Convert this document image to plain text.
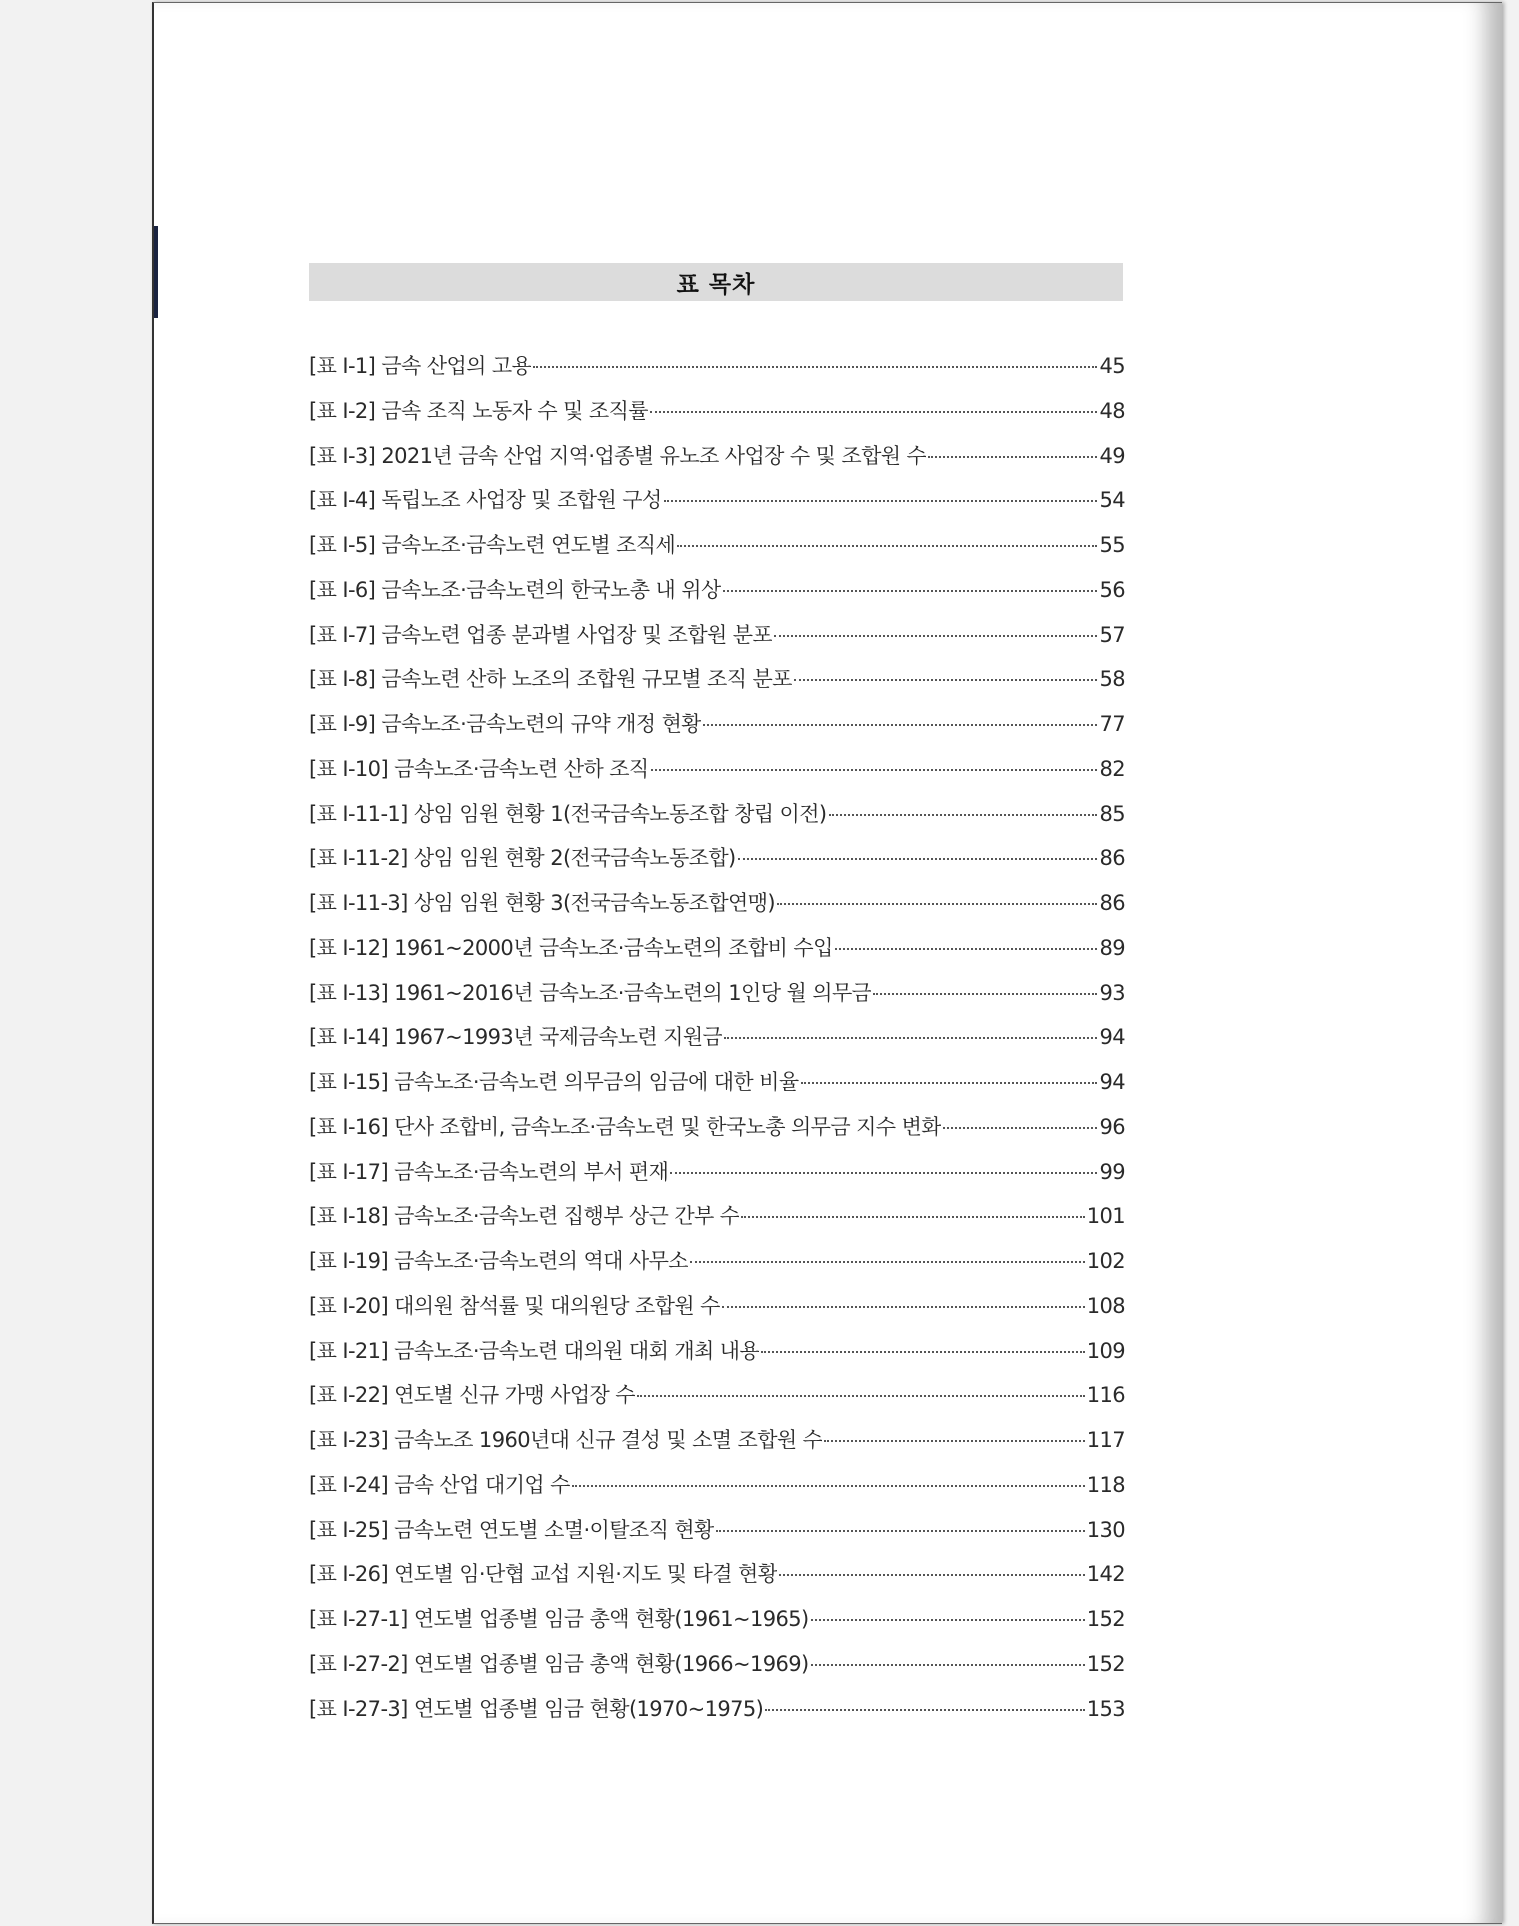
표 목차
[표 Ⅰ-1] 금속 산업의 고용	45
[표 Ⅰ-2] 금속 조직 노동자 수 및 조직률	48
[표 Ⅰ-3] 2021년 금속 산업 지역·업종별 유노조 사업장 수 및 조합원 수	49
[표 Ⅰ-4] 독립노조 사업장 및 조합원 구성	54
[표 Ⅰ-5] 금속노조·금속노련 연도별 조직세	55
[표 Ⅰ-6] 금속노조·금속노련의 한국노총 내 위상	56
[표 Ⅰ-7] 금속노련 업종 분과별 사업장 및 조합원 분포	57
[표 Ⅰ-8] 금속노련 산하 노조의 조합원 규모별 조직 분포	58
[표 Ⅰ-9] 금속노조·금속노련의 규약 개정 현황	77
[표 Ⅰ-10] 금속노조·금속노련 산하 조직	82
[표 Ⅰ-11-1] 상임 임원 현황 1(전국금속노동조합 창립 이전)	85
[표 Ⅰ-11-2] 상임 임원 현황 2(전국금속노동조합)	86
[표 Ⅰ-11-3] 상임 임원 현황 3(전국금속노동조합연맹)	86
[표 Ⅰ-12] 1961~2000년 금속노조·금속노련의 조합비 수입	89
[표 Ⅰ-13] 1961~2016년 금속노조·금속노련의 1인당 월 의무금	93
[표 Ⅰ-14] 1967~1993년 국제금속노련 지원금	94
[표 Ⅰ-15] 금속노조·금속노련 의무금의 임금에 대한 비율	94
[표 Ⅰ-16] 단사 조합비, 금속노조·금속노련 및 한국노총 의무금 지수 변화	96
[표 Ⅰ-17] 금속노조·금속노련의 부서 편재	99
[표 Ⅰ-18] 금속노조·금속노련 집행부 상근 간부 수	101
[표 Ⅰ-19] 금속노조·금속노련의 역대 사무소	102
[표 Ⅰ-20] 대의원 참석률 및 대의원당 조합원 수	108
[표 Ⅰ-21] 금속노조·금속노련 대의원 대회 개최 내용	109
[표 Ⅰ-22] 연도별 신규 가맹 사업장 수	116
[표 Ⅰ-23] 금속노조 1960년대 신규 결성 및 소멸 조합원 수	117
[표 Ⅰ-24] 금속 산업 대기업 수	118
[표 Ⅰ-25] 금속노련 연도별 소멸·이탈조직 현황	130
[표 Ⅰ-26] 연도별 임·단협 교섭 지원·지도 및 타결 현황	142
[표 Ⅰ-27-1] 연도별 업종별 임금 총액 현황(1961~1965)	152
[표 Ⅰ-27-2] 연도별 업종별 임금 총액 현황(1966~1969)	152
[표 Ⅰ-27-3] 연도별 업종별 임금 현황(1970~1975)	153
